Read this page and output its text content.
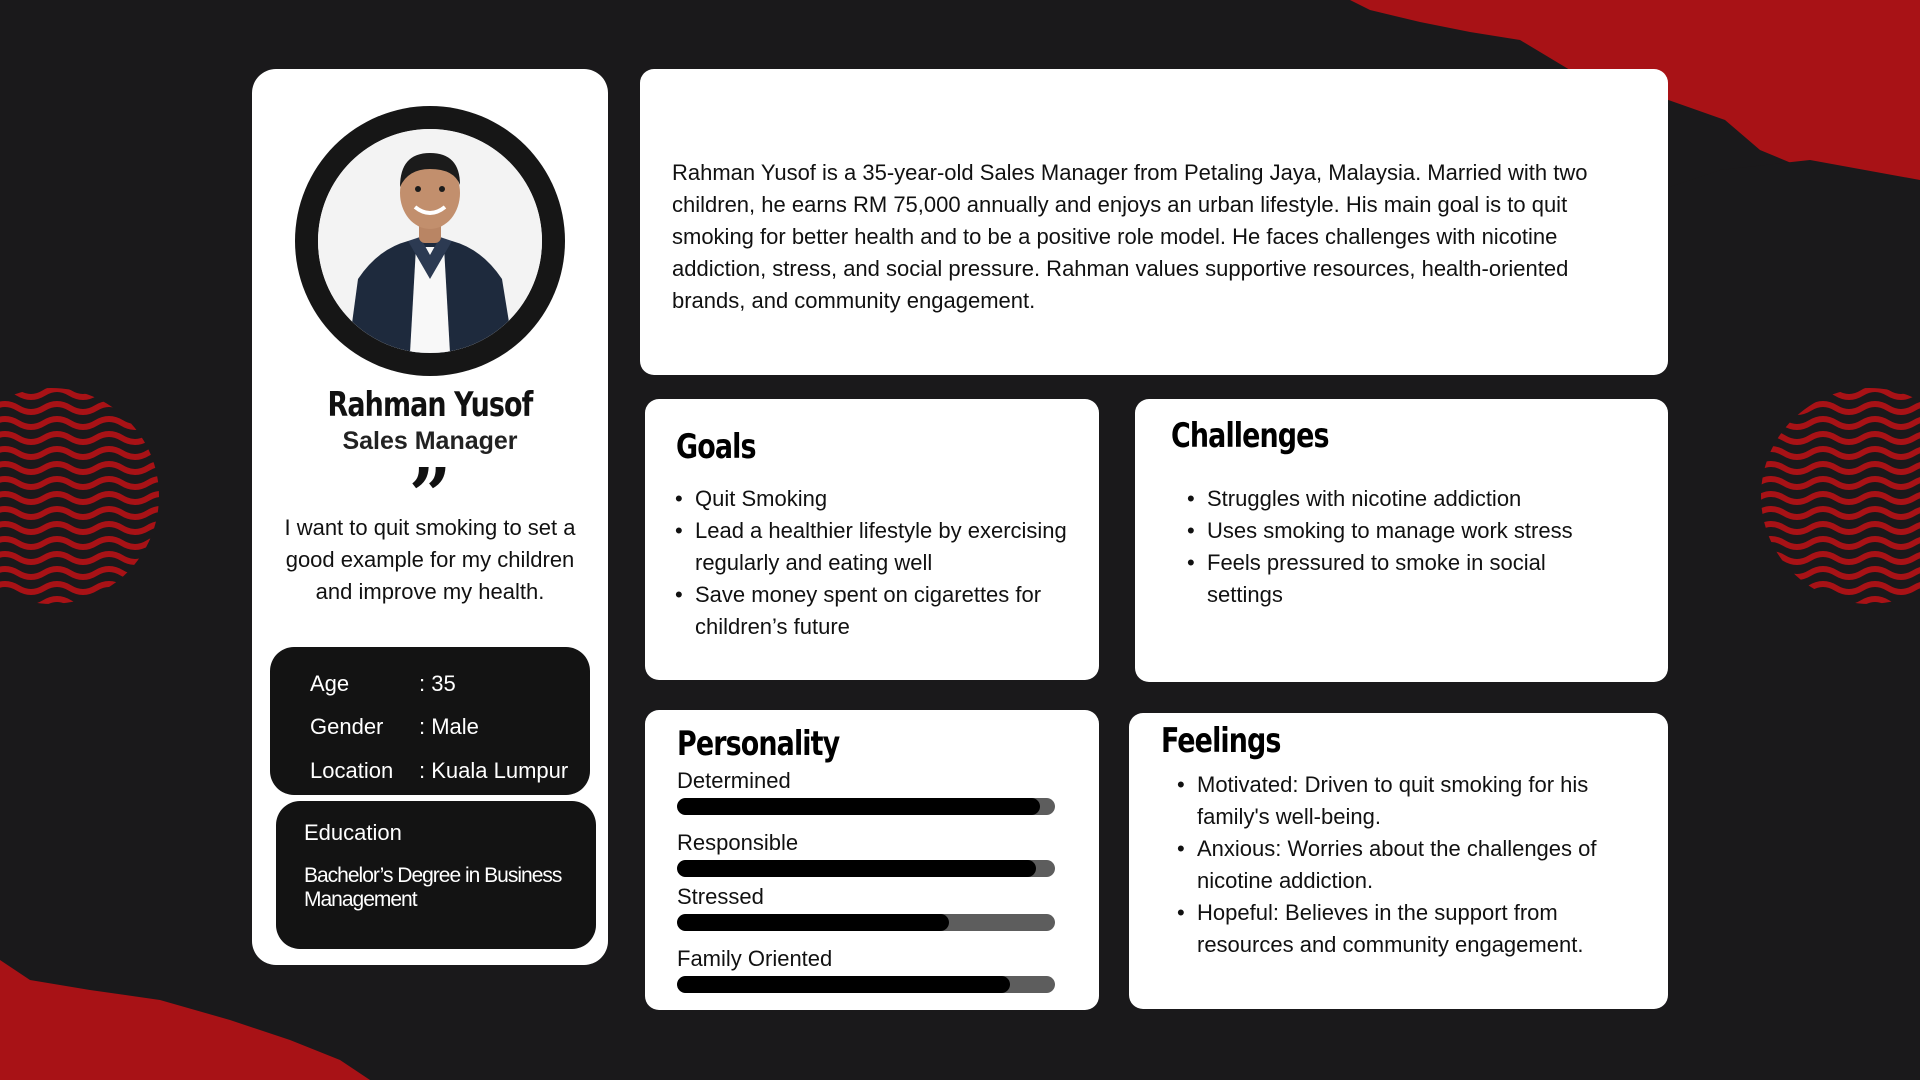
Rahman Yusof
Sales Manager
”
I want to quit smoking to set a good example for my children and improve my health.
Age	: 35
Gender	: Male
Location	: Kuala Lumpur
Education
Bachelor’s Degree in Business Management
Rahman Yusof is a 35-year-old Sales Manager from Petaling Jaya, Malaysia. Married with two children, he earns RM 75,000 annually and enjoys an urban lifestyle. His main goal is to quit smoking for better health and to be a positive role model. He faces challenges with nicotine addiction, stress, and social pressure. Rahman values supportive resources, health-oriented brands, and community engagement.
Goals
• Quit Smoking
• Lead a healthier lifestyle by exercising regularly and eating well
• Save money spent on cigarettes for children’s future
Challenges
• Struggles with nicotine addiction
• Uses smoking to manage work stress
• Feels pressured to smoke in social settings
Personality
Determined
Responsible
Stressed
Family Oriented
Feelings
• Motivated: Driven to quit smoking for his family's well-being.
• Anxious: Worries about the challenges of nicotine addiction.
• Hopeful: Believes in the support from resources and community engagement.
